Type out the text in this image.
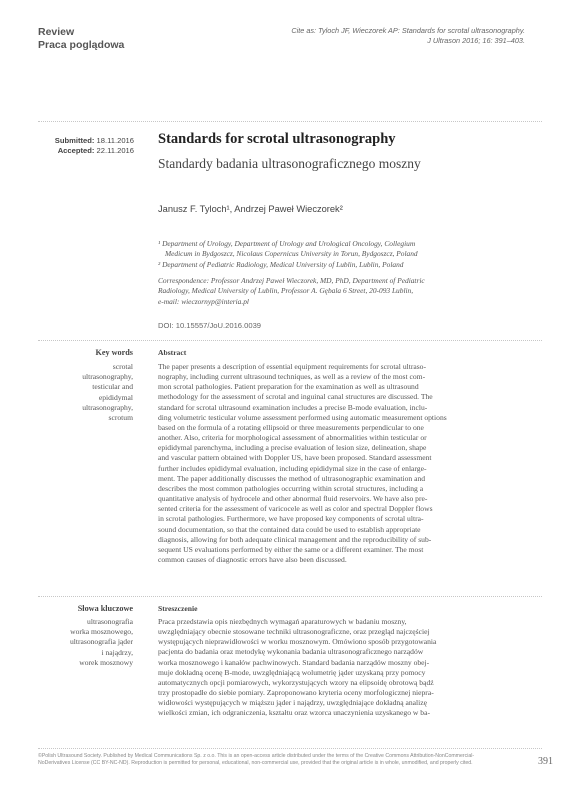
Review
Praca poglądowa
Cite as: Tyloch JF, Wieczorek AP: Standards for scrotal ultrasonography.
J Ultrason 2016; 16: 391–403.
Submitted: 18.11.2016
Accepted: 22.11.2016
Standards for scrotal ultrasonography
Standardy badania ultrasonograficznego moszny
Janusz F. Tyloch¹, Andrzej Paweł Wieczorek²
¹ Department of Urology, Department of Urology and Urological Oncology, Collegium
Medicum in Bydgoszcz, Nicolaus Copernicus University in Torun, Bydgoszcz, Poland
² Department of Pediatric Radiology, Medical University of Lublin, Lublin, Poland
Correspondence: Professor Andrzej Paweł Wieczorek, MD, PhD, Department of Pediatric
Radiology, Medical University of Lublin, Professor A. Gębala 6 Street, 20-093 Lublin,
e-mail: wieczornyp@interia.pl
DOI: 10.15557/JoU.2016.0039
Key words
scrotal
ultrasonography,
testicular and
epididymal
ultrasonography,
scrotum
Abstract
The paper presents a description of essential equipment requirements for scrotal ultraso-
nography, including current ultrasound techniques, as well as a review of the most com-
mon scrotal pathologies. Patient preparation for the examination as well as ultrasound
methodology for the assessment of scrotal and inguinal canal structures are discussed. The
standard for scrotal ultrasound examination includes a precise B-mode evaluation, inclu-
ding volumetric testicular volume assessment performed using automatic measurement options
based on the formula of a rotating ellipsoid or three measurements perpendicular to one
another. Also, criteria for morphological assessment of abnormalities within testicular or
epididymal parenchyma, including a precise evaluation of lesion size, delineation, shape
and vascular pattern obtained with Doppler US, have been proposed. Standard assessment
further includes epididymal evaluation, including epididymal size in the case of enlarge-
ment. The paper additionally discusses the method of ultrasonographic examination and
describes the most common pathologies occurring within scrotal structures, including a
quantitative analysis of hydrocele and other abnormal fluid reservoirs. We have also pre-
sented criteria for the assessment of varicocele as well as color and spectral Doppler flows
in scrotal pathologies. Furthermore, we have proposed key components of scrotal ultra-
sound documentation, so that the contained data could be used to establish appropriate
diagnosis, allowing for both adequate clinical management and the reproducibility of sub-
sequent US evaluations performed by either the same or a different examiner. The most
common causes of diagnostic errors have also been discussed.
Słowa kluczowe
ultrasonografia
worka mosznowego,
ultrasonografia jąder
i najądrzy,
worek mosznowy
Streszczenie
Praca przedstawia opis niezbędnych wymagań aparaturowych w badaniu moszny,
uwzględniający obecnie stosowane techniki ultrasonograficzne, oraz przegląd najczęściej
występujących nieprawidłowości w worku mosznowym. Omówiono sposób przygotowania
pacjenta do badania oraz metodykę wykonania badania ultrasonograficznego narządów
worka mosznowego i kanałów pachwinowych. Standard badania narządów moszny obej-
muje dokładną ocenę B-mode, uwzględniającą wolumetrię jąder uzyskaną przy pomocy
automatycznych opcji pomiarowych, wykorzystujących wzory na elipsoidę obrotową bądź
trzy prostopadłe do siebie pomiary. Zaproponowano kryteria oceny morfologicznej niepra-
widłowości występujących w miąższu jąder i najądrzy, uwzględniające dokładną analizę
wielkości zmian, ich odgraniczenia, kształtu oraz wzorca unaczynienia uzyskanego w ba-
©Polish Ultrasound Society. Published by Medical Communications Sp. z o.o. This is an open-access article distributed under the terms of the Creative Commons Attribution-NonCommercial-
NoDerivatives License (CC BY-NC-ND). Reproduction is permitted for personal, educational, non-commercial use, provided that the original article is in whole, unmodified, and properly cited.	391
